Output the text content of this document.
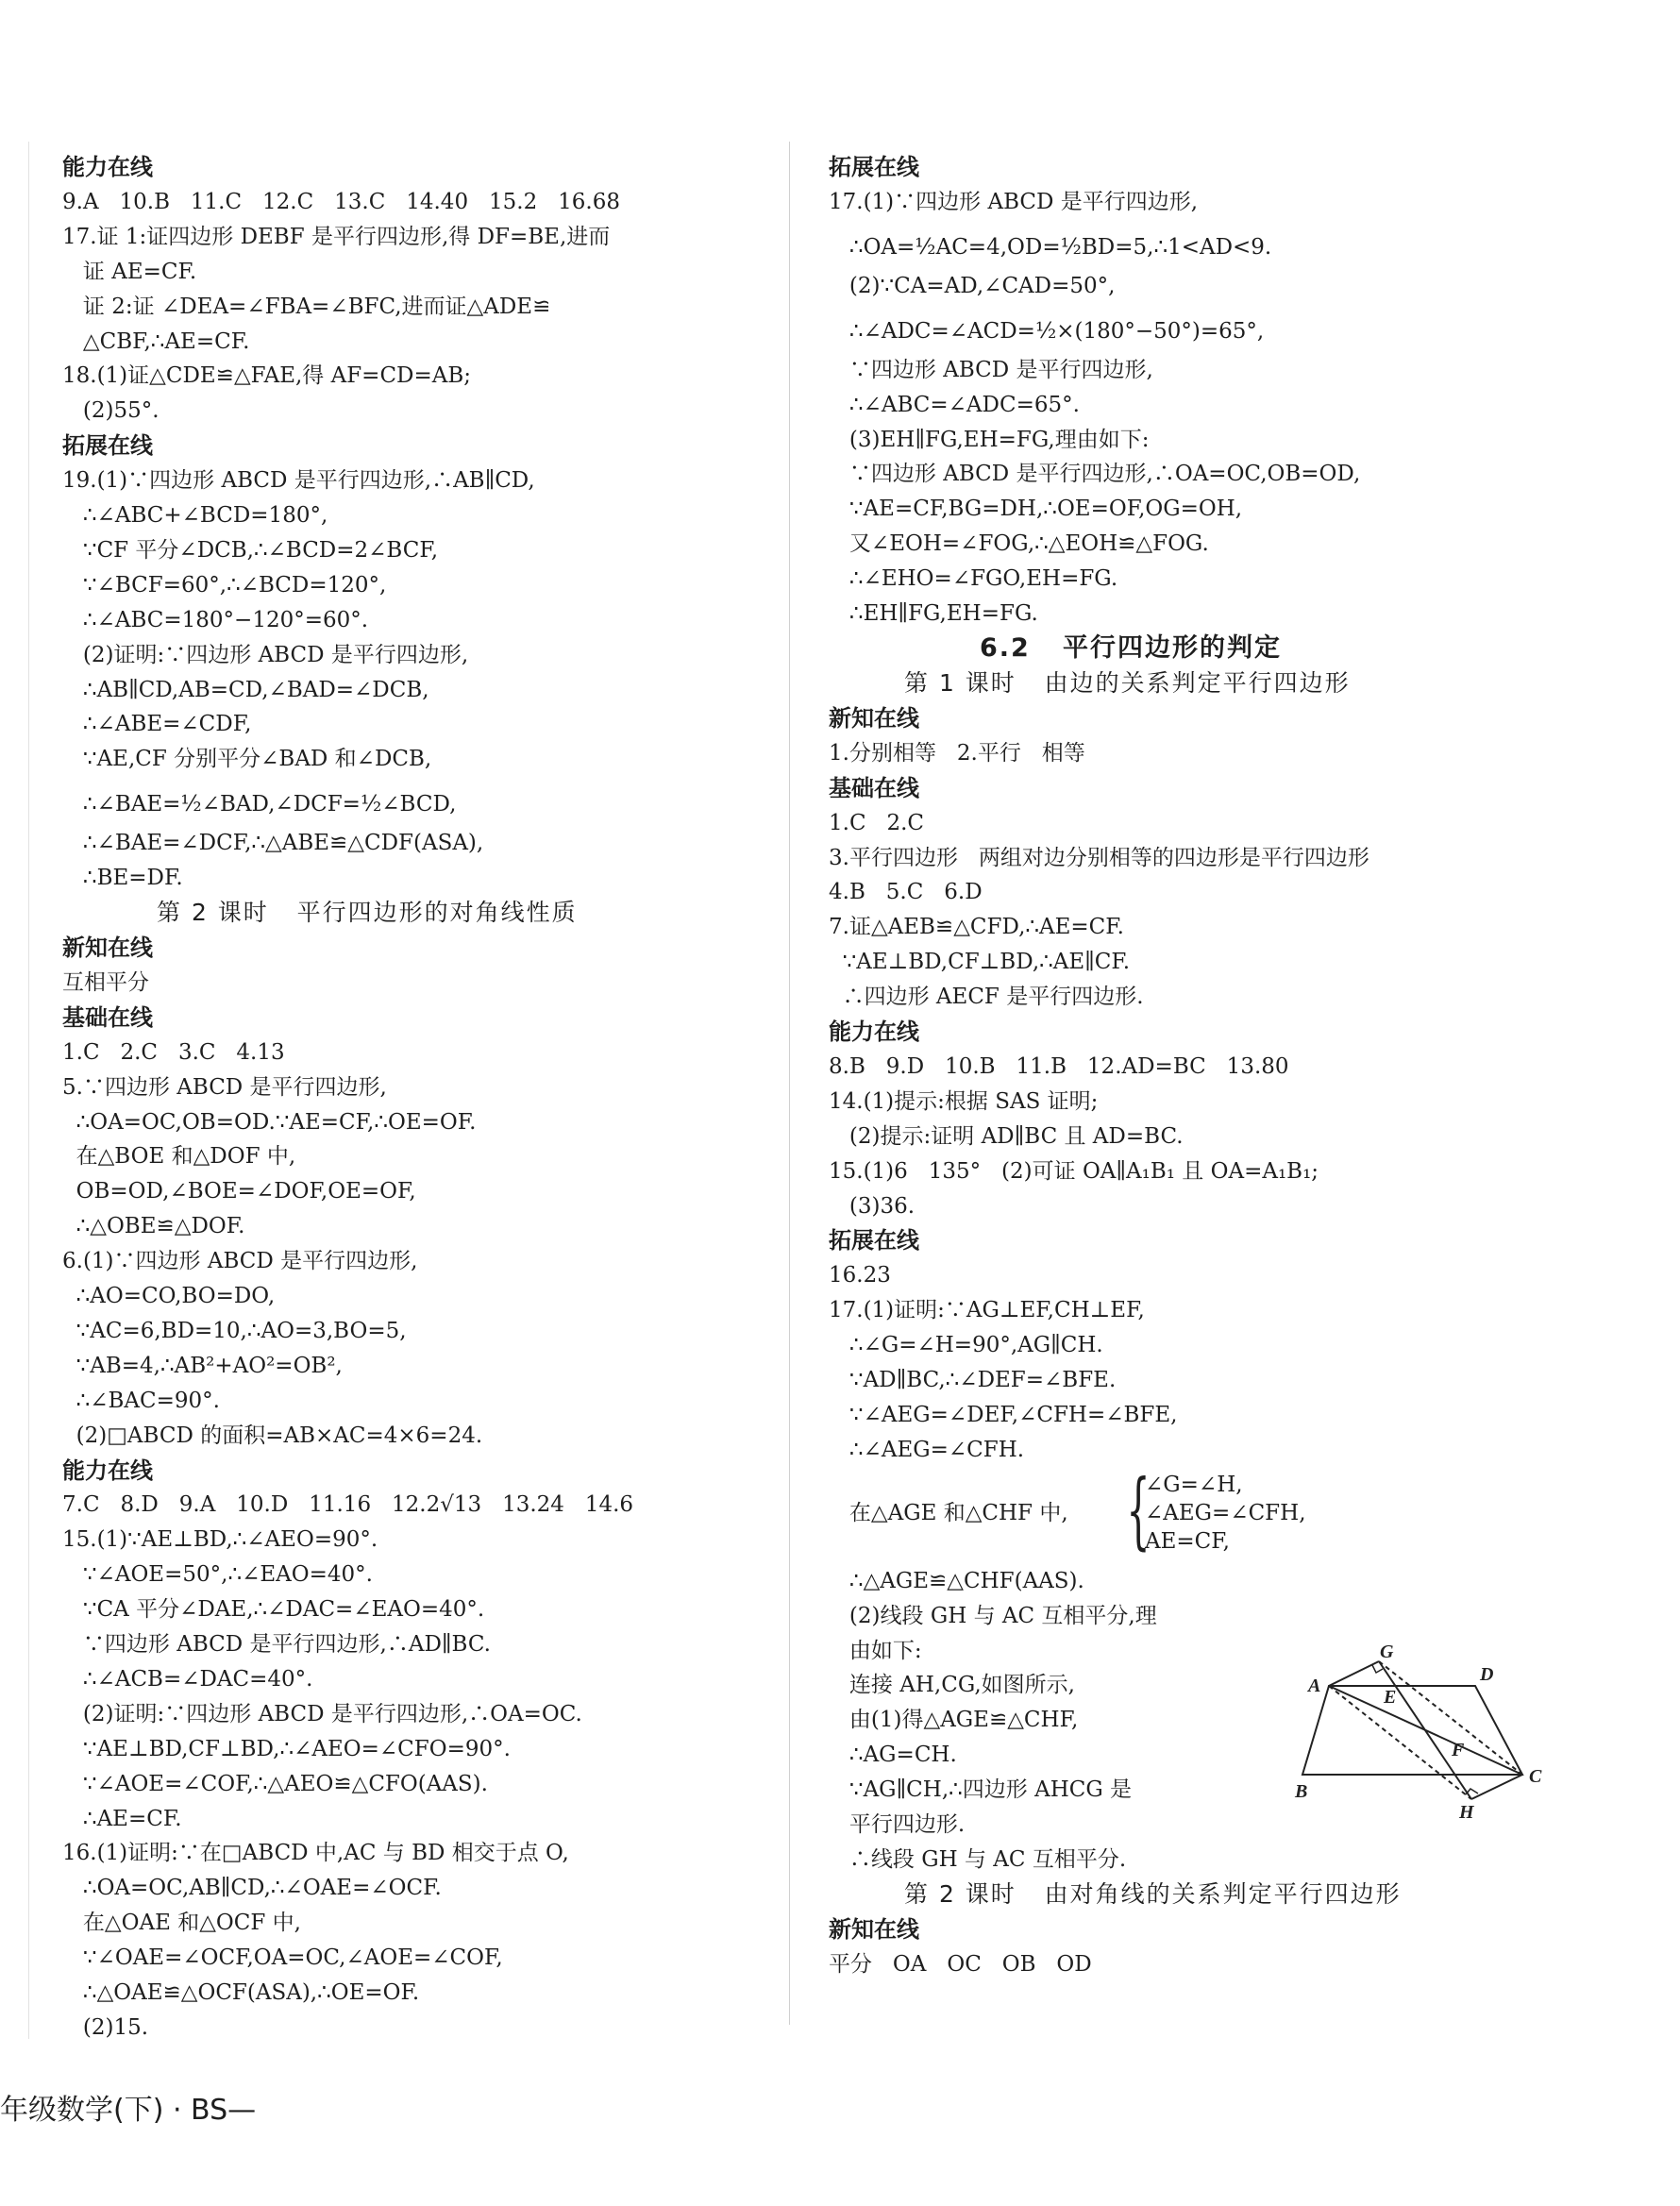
能力在线
9.A   10.B   11.C   12.C   13.C   14.40   15.2   16.68
17.证 1:证四边形 DEBF 是平行四边形,得 DF=BE,进而
证 AE=CF.
证 2:证 ∠DEA=∠FBA=∠BFC,进而证△ADE≌
△CBF,∴AE=CF.
18.(1)证△CDE≌△FAE,得 AF=CD=AB;
(2)55°.
拓展在线
19.(1)∵四边形 ABCD 是平行四边形,∴AB∥CD,
∴∠ABC+∠BCD=180°,
∵CF 平分∠DCB,∴∠BCD=2∠BCF,
∵∠BCF=60°,∴∠BCD=120°,
∴∠ABC=180°−120°=60°.
(2)证明:∵四边形 ABCD 是平行四边形,
∴AB∥CD,AB=CD,∠BAD=∠DCB,
∴∠ABE=∠CDF,
∵AE,CF 分别平分∠BAD 和∠DCB,
∴∠BAE=½∠BAD,∠DCF=½∠BCD,
∴∠BAE=∠DCF,∴△ABE≌△CDF(ASA),
∴BE=DF.
第 2 课时   平行四边形的对角线性质
新知在线
互相平分
基础在线
1.C   2.C   3.C   4.13
5.∵四边形 ABCD 是平行四边形,
∴OA=OC,OB=OD.∵AE=CF,∴OE=OF.
在△BOE 和△DOF 中,
OB=OD,∠BOE=∠DOF,OE=OF,
∴△OBE≌△DOF.
6.(1)∵四边形 ABCD 是平行四边形,
∴AO=CO,BO=DO,
∵AC=6,BD=10,∴AO=3,BO=5,
∵AB=4,∴AB²+AO²=OB²,
∴∠BAC=90°.
(2)□ABCD 的面积=AB×AC=4×6=24.
能力在线
7.C   8.D   9.A   10.D   11.16   12.2√13   13.24   14.6
15.(1)∵AE⊥BD,∴∠AEO=90°.
∵∠AOE=50°,∴∠EAO=40°.
∵CA 平分∠DAE,∴∠DAC=∠EAO=40°.
∵四边形 ABCD 是平行四边形,∴AD∥BC.
∴∠ACB=∠DAC=40°.
(2)证明:∵四边形 ABCD 是平行四边形,∴OA=OC.
∵AE⊥BD,CF⊥BD,∴∠AEO=∠CFO=90°.
∵∠AOE=∠COF,∴△AEO≌△CFO(AAS).
∴AE=CF.
16.(1)证明:∵在□ABCD 中,AC 与 BD 相交于点 O,
∴OA=OC,AB∥CD,∴∠OAE=∠OCF.
在△OAE 和△OCF 中,
∵∠OAE=∠OCF,OA=OC,∠AOE=∠COF,
∴△OAE≌△OCF(ASA),∴OE=OF.
(2)15.
拓展在线
17.(1)∵四边形 ABCD 是平行四边形,
∴OA=½AC=4,OD=½BD=5,∴1<AD<9.
(2)∵CA=AD,∠CAD=50°,
∴∠ADC=∠ACD=½×(180°−50°)=65°,
∵四边形 ABCD 是平行四边形,
∴∠ABC=∠ADC=65°.
(3)EH∥FG,EH=FG,理由如下:
∵四边形 ABCD 是平行四边形,∴OA=OC,OB=OD,
∵AE=CF,BG=DH,∴OE=OF,OG=OH,
又∠EOH=∠FOG,∴△EOH≌△FOG.
∴∠EHO=∠FGO,EH=FG.
∴EH∥FG,EH=FG.
6.2   平行四边形的判定
第 1 课时   由边的关系判定平行四边形
新知在线
1.分别相等   2.平行   相等
基础在线
1.C   2.C
3.平行四边形   两组对边分别相等的四边形是平行四边形
4.B   5.C   6.D
7.证△AEB≌△CFD,∴AE=CF.
∵AE⊥BD,CF⊥BD,∴AE∥CF.
∴四边形 AECF 是平行四边形.
能力在线
8.B   9.D   10.B   11.B   12.AD=BC   13.80
14.(1)提示:根据 SAS 证明;
(2)提示:证明 AD∥BC 且 AD=BC.
15.(1)6   135°   (2)可证 OA∥A₁B₁ 且 OA=A₁B₁;
(3)36.
拓展在线
16.23
17.(1)证明:∵AG⊥EF,CH⊥EF,
∴∠G=∠H=90°,AG∥CH.
∵AD∥BC,∴∠DEF=∠BFE.
∵∠AEG=∠DEF,∠CFH=∠BFE,
∴∠AEG=∠CFH.
在△AGE 和△CHF 中, {
∠G=∠H,
∠AEG=∠CFH,
AE=CF,
∴△AGE≌△CHF(AAS).
(2)线段 GH 与 AC 互相平分,理
由如下:
连接 AH,CG,如图所示,
由(1)得△AGE≌△CHF,
∴AG=CH.
∵AG∥CH,∴四边形 AHCG 是
平行四边形.
∴线段 GH 与 AC 互相平分.
第 2 课时   由对角线的关系判定平行四边形
新知在线
平分   OA   OC   OB   OD
A
B
C
D
E
F
G
H
年级数学(下) · BS—
